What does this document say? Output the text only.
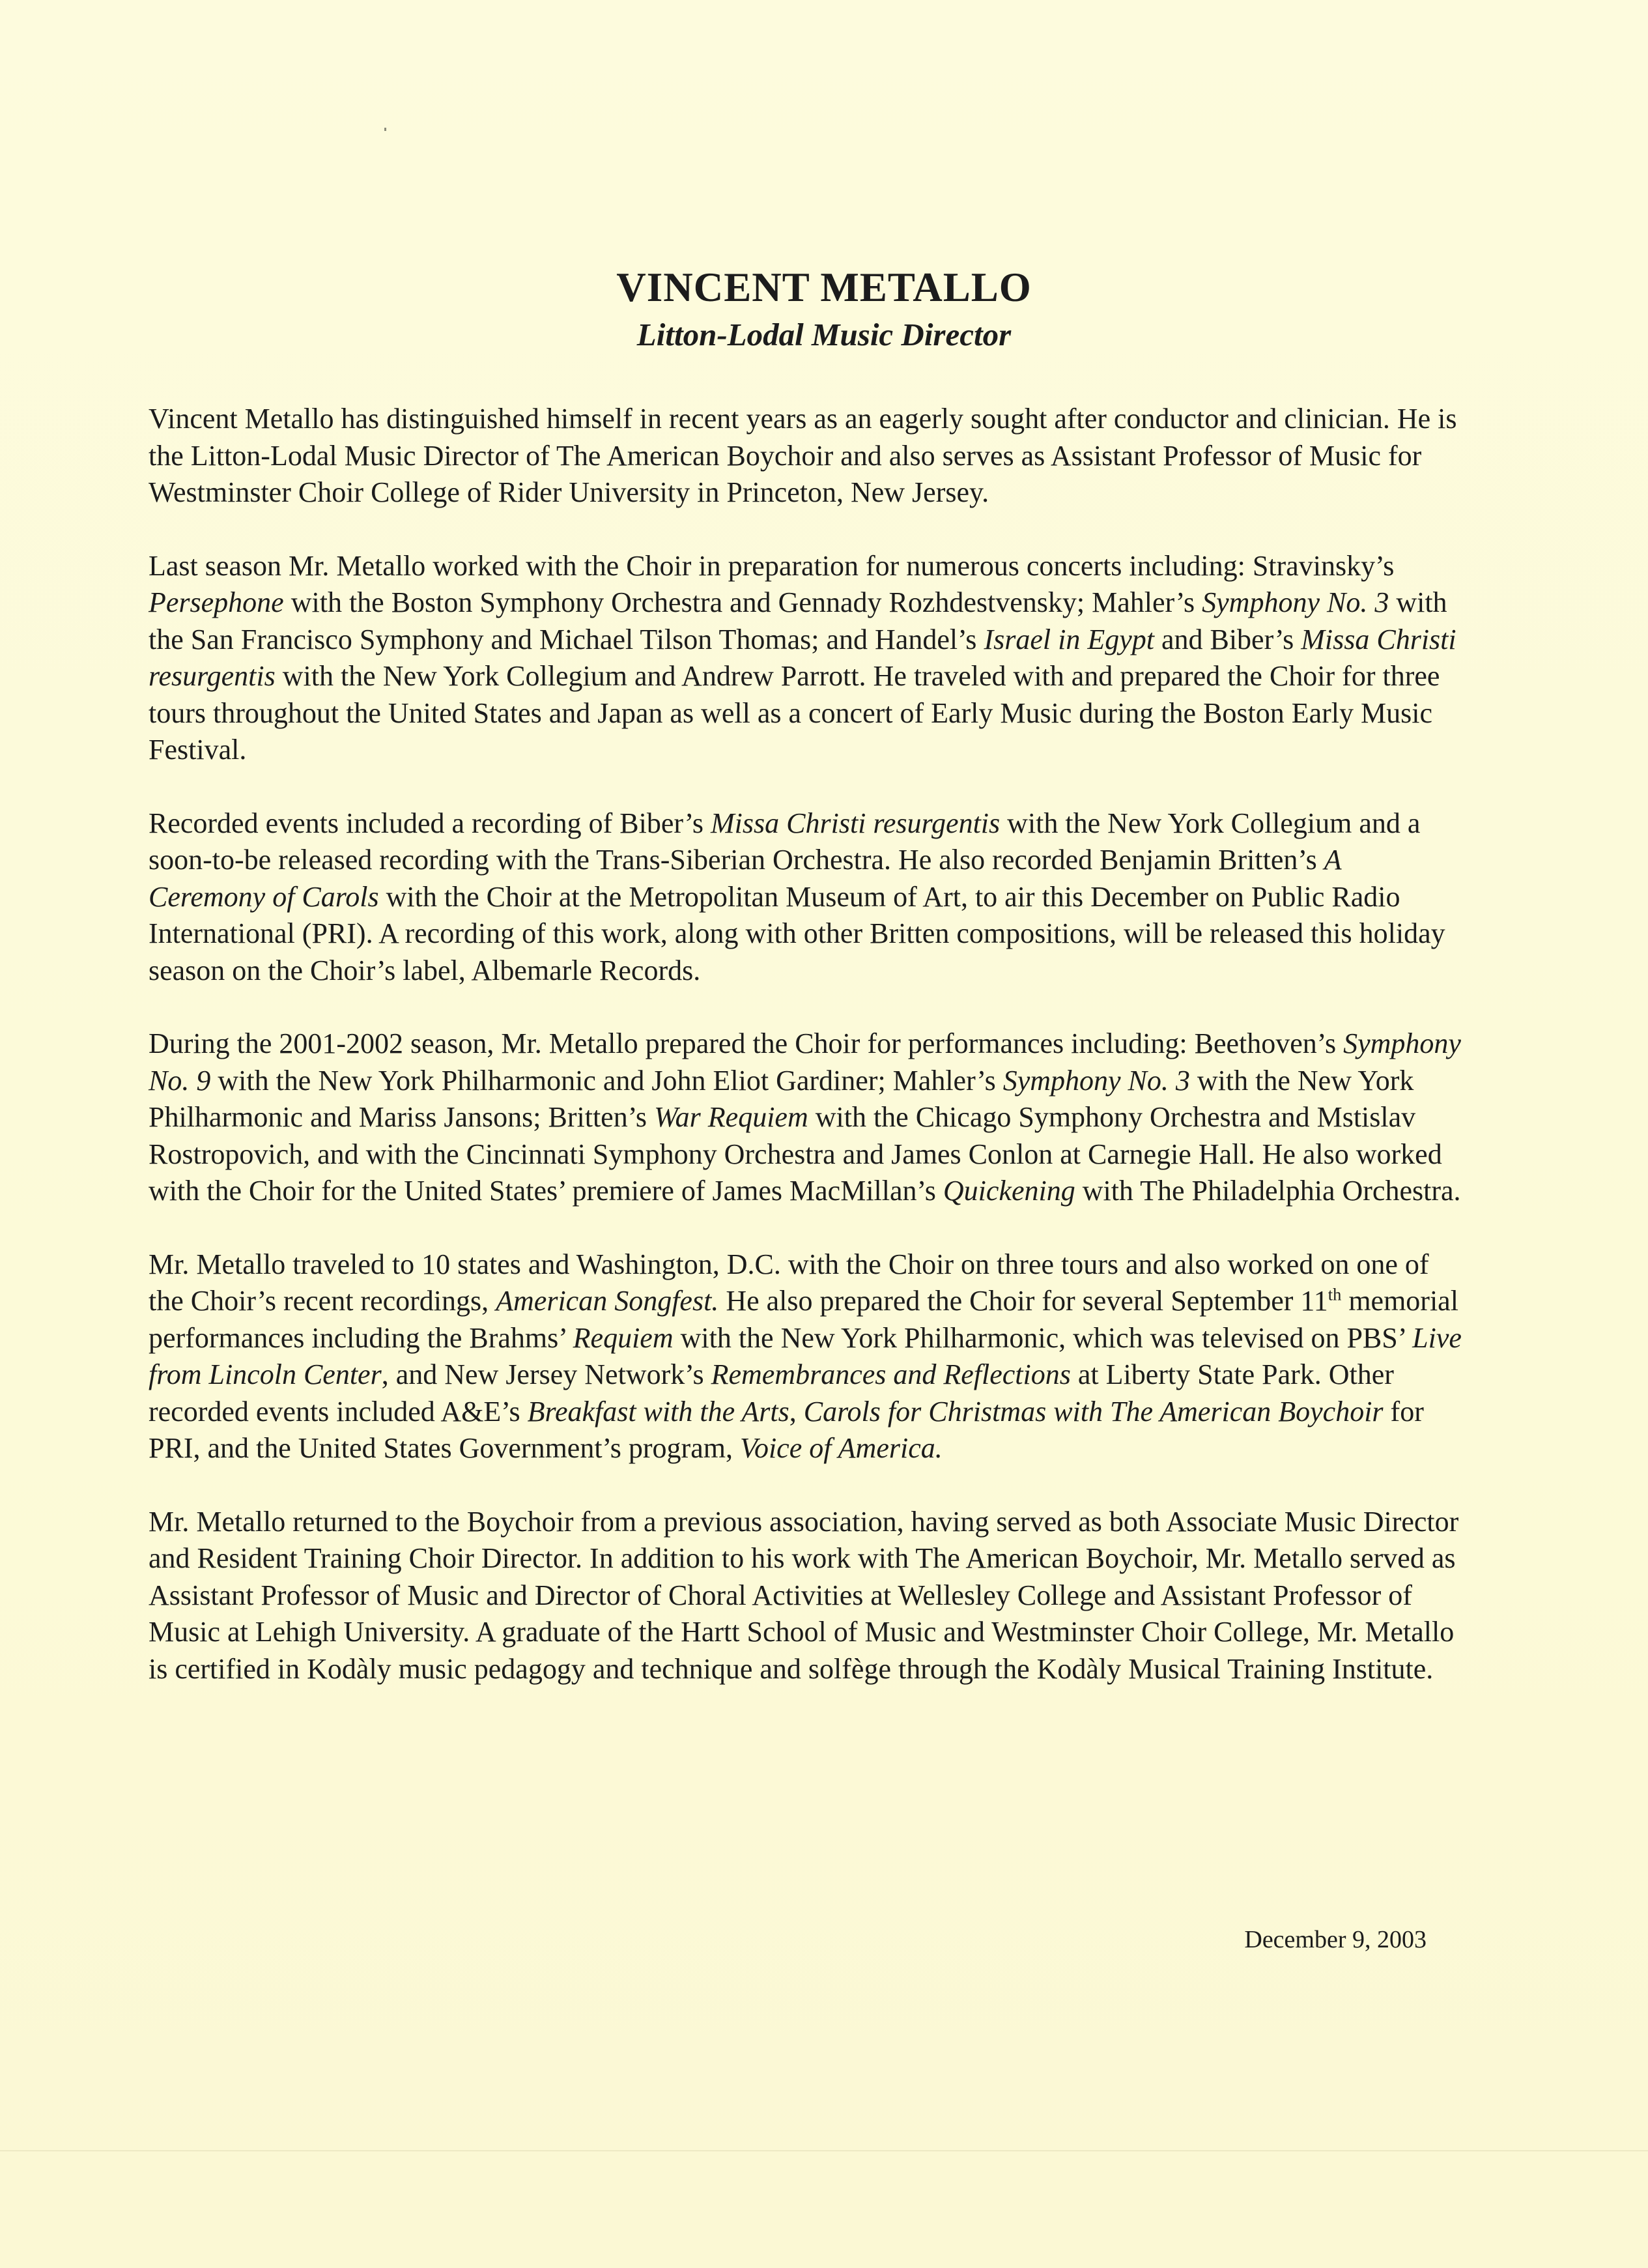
VINCENT METALLO
Litton-Lodal Music Director

Vincent Metallo has distinguished himself in recent years as an eagerly sought after conductor and clinician. He is the Litton-Lodal Music Director of The American Boychoir and also serves as Assistant Professor of Music for Westminster Choir College of Rider University in Princeton, New Jersey.

Last season Mr. Metallo worked with the Choir in preparation for numerous concerts including: Stravinsky’s Persephone with the Boston Symphony Orchestra and Gennady Rozhdestvensky; Mahler’s Symphony No. 3 with the San Francisco Symphony and Michael Tilson Thomas; and Handel’s Israel in Egypt and Biber’s Missa Christi resurgentis with the New York Collegium and Andrew Parrott. He traveled with and prepared the Choir for three tours throughout the United States and Japan as well as a concert of Early Music during the Boston Early Music Festival.

Recorded events included a recording of Biber’s Missa Christi resurgentis with the New York Collegium and a soon-to-be released recording with the Trans-Siberian Orchestra. He also recorded Benjamin Britten’s A Ceremony of Carols with the Choir at the Metropolitan Museum of Art, to air this December on Public Radio International (PRI). A recording of this work, along with other Britten compositions, will be released this holiday season on the Choir’s label, Albemarle Records.

During the 2001-2002 season, Mr. Metallo prepared the Choir for performances including: Beethoven’s Symphony No. 9 with the New York Philharmonic and John Eliot Gardiner; Mahler’s Symphony No. 3 with the New York Philharmonic and Mariss Jansons; Britten’s War Requiem with the Chicago Symphony Orchestra and Mstislav Rostropovich, and with the Cincinnati Symphony Orchestra and James Conlon at Carnegie Hall. He also worked with the Choir for the United States’ premiere of James MacMillan’s Quickening with The Philadelphia Orchestra.

Mr. Metallo traveled to 10 states and Washington, D.C. with the Choir on three tours and also worked on one of the Choir’s recent recordings, American Songfest. He also prepared the Choir for several September 11th memorial performances including the Brahms’ Requiem with the New York Philharmonic, which was televised on PBS’ Live from Lincoln Center, and New Jersey Network’s Remembrances and Reflections at Liberty State Park. Other recorded events included A&E’s Breakfast with the Arts, Carols for Christmas with The American Boychoir for PRI, and the United States Government’s program, Voice of America.

Mr. Metallo returned to the Boychoir from a previous association, having served as both Associate Music Director and Resident Training Choir Director. In addition to his work with The American Boychoir, Mr. Metallo served as Assistant Professor of Music and Director of Choral Activities at Wellesley College and Assistant Professor of Music at Lehigh University. A graduate of the Hartt School of Music and Westminster Choir College, Mr. Metallo is certified in Kodàly music pedagogy and technique and solfège through the Kodàly Musical Training Institute.

December 9, 2003
